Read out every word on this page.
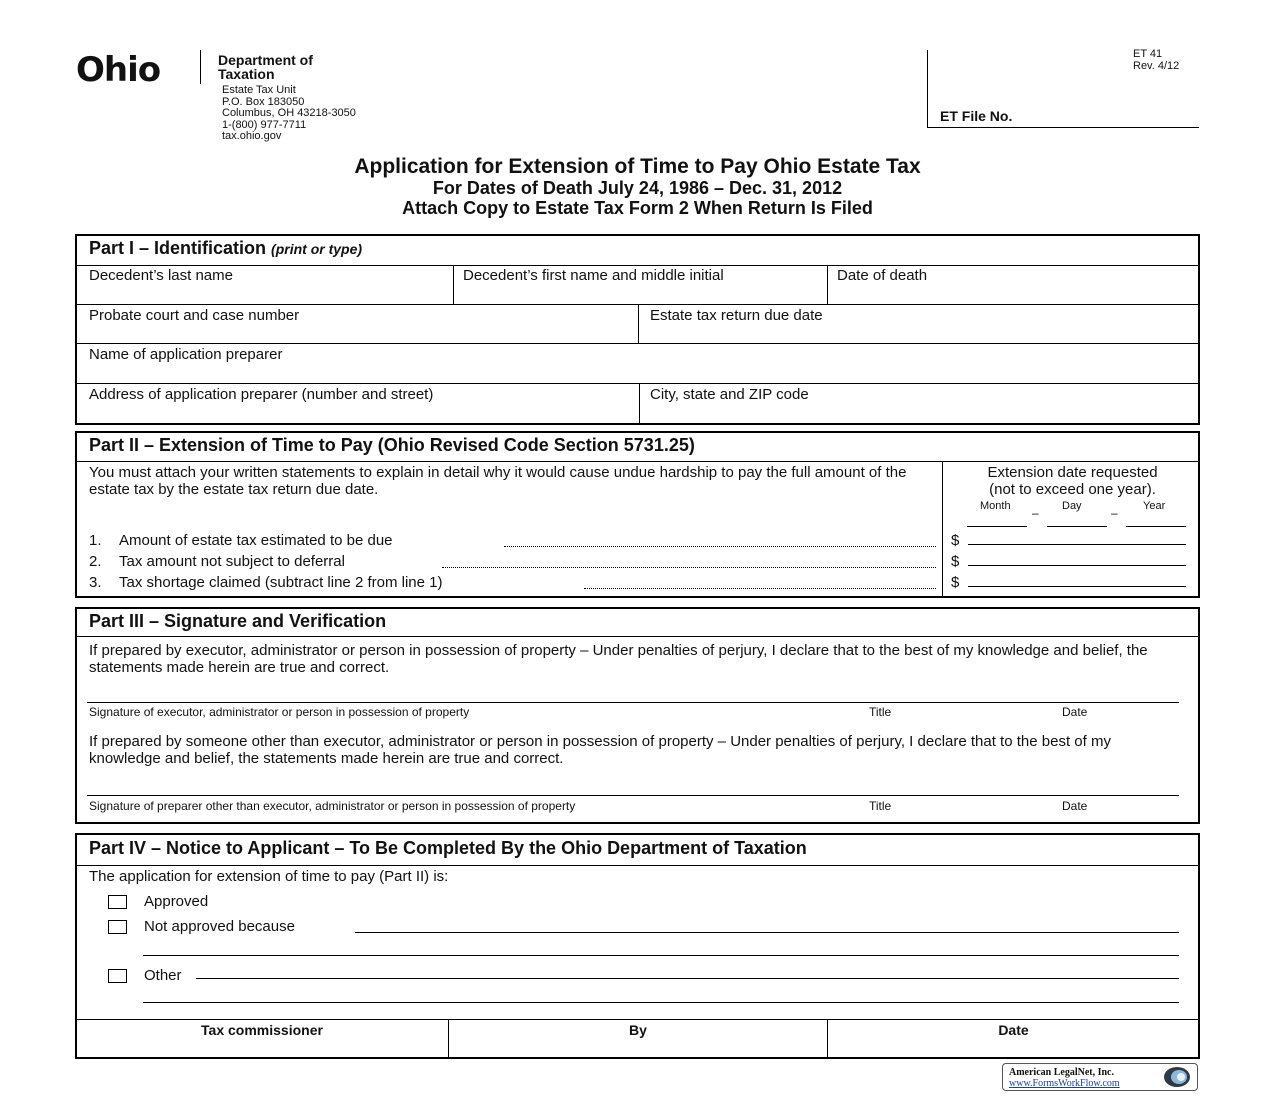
Ohio	Department of
Taxation
Estate Tax Unit
P.O. Box 183050
Columbus, OH 43218-3050
1-(800) 977-7711
tax.ohio.gov
ET 41
Rev. 4/12
ET File No.
Application for Extension of Time to Pay Ohio Estate Tax
For Dates of Death July 24, 1986 – Dec. 31, 2012
Attach Copy to Estate Tax Form 2 When Return Is Filed
Part I – Identification (print or type)
Decedent’s last name	Decedent’s first name and middle initial	Date of death
Probate court and case number	Estate tax return due date
Name of application preparer
Address of application preparer (number and street)	City, state and ZIP code
Part II – Extension of Time to Pay (Ohio Revised Code Section 5731.25)
You must attach your written statements to explain in detail why it would cause undue hardship to pay the full amount of the estate tax by the estate tax return due date.
Extension date requested
(not to exceed one year).
Month	Day	Year
–	–
1. Amount of estate tax estimated to be due	$
2. Tax amount not subject to deferral	$
3. Tax shortage claimed (subtract line 2 from line 1)	$
Part III – Signature and Verification
If prepared by executor, administrator or person in possession of property – Under penalties of perjury, I declare that to the best of my knowledge and belief, the statements made herein are true and correct.
Signature of executor, administrator or person in possession of property	Title	Date
If prepared by someone other than executor, administrator or person in possession of property – Under penalties of perjury, I declare that to the best of my knowledge and belief, the statements made herein are true and correct.
Signature of preparer other than executor, administrator or person in possession of property	Title	Date
Part IV – Notice to Applicant – To Be Completed By the Ohio Department of Taxation
The application for extension of time to pay (Part II) is:
Approved
Not approved because
Other
Tax commissioner	By	Date
American LegalNet, Inc.
www.FormsWorkFlow.com
